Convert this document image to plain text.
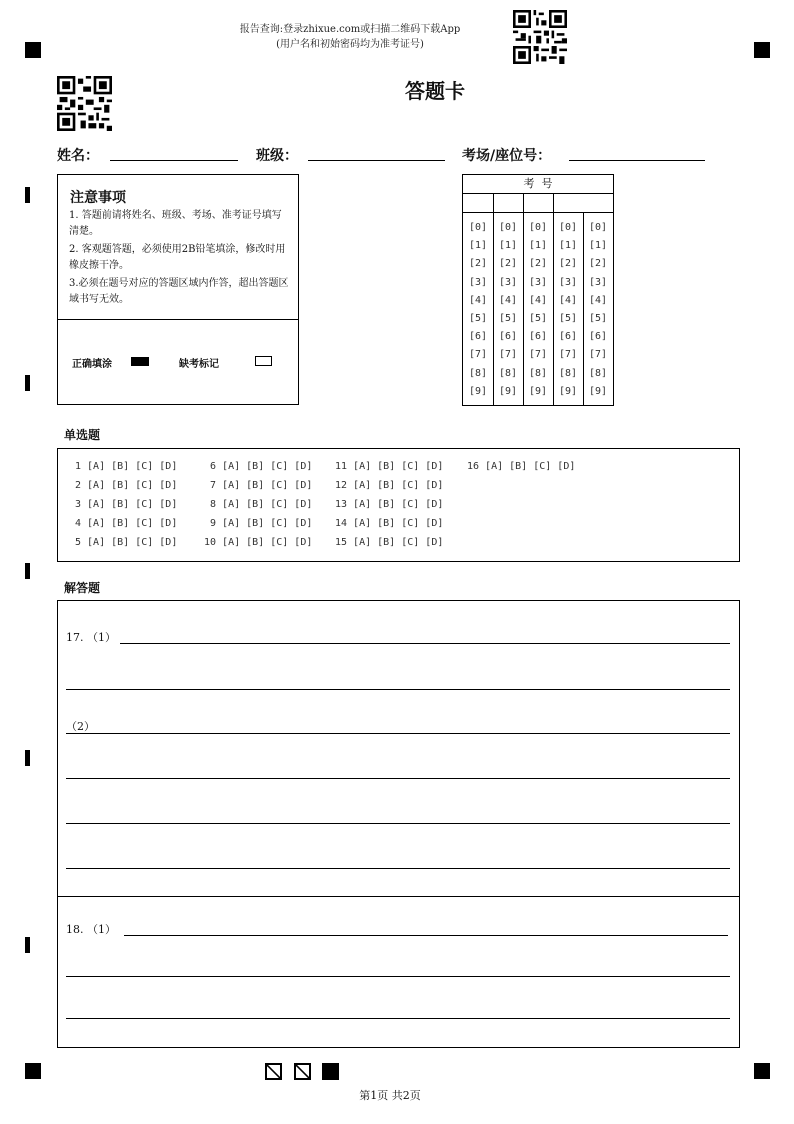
报告查询:登录zhixue.com或扫描二维码下载App
(用户名和初始密码均为准考证号)
答题卡
姓名：	班级：	考场/座位号：
注意事项
1. 答题前请将姓名、班级、考场、准考证号填写清楚。
2. 客观题答题，必须使用2B铅笔填涂，修改时用橡皮擦干净。
3.必须在题号对应的答题区域内作答，超出答题区域书写无效。
正确填涂	缺考标记
考  号
[0] [0] [0] [0] [0]
[1] [1] [1] [1] [1]
[2] [2] [2] [2] [2]
[3] [3] [3] [3] [3]
[4] [4] [4] [4] [4]
[5] [5] [5] [5] [5]
[6] [6] [6] [6] [6]
[7] [7] [7] [7] [7]
[8] [8] [8] [8] [8]
[9] [9] [9] [9] [9]
单选题
1 [A] [B] [C] [D]
2 [A] [B] [C] [D]
3 [A] [B] [C] [D]
4 [A] [B] [C] [D]
5 [A] [B] [C] [D]
6 [A] [B] [C] [D]
7 [A] [B] [C] [D]
8 [A] [B] [C] [D]
9 [A] [B] [C] [D]
10 [A] [B] [C] [D]
11 [A] [B] [C] [D]
12 [A] [B] [C] [D]
13 [A] [B] [C] [D]
14 [A] [B] [C] [D]
15 [A] [B] [C] [D]
16 [A] [B] [C] [D]
解答题
17. （1）
（2）
18. （1）
第1页 共2页
